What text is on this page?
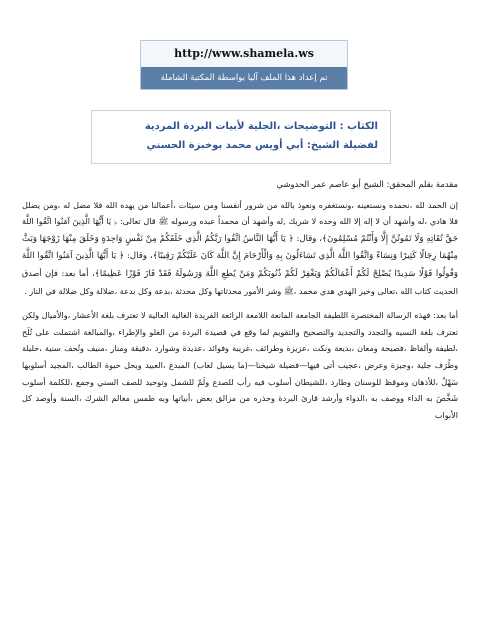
http://www.shamela.ws
تم إعداد هذا الملف آليا بواسطة المكتبة الشاملة
الكتاب : التوضيحات ،الجلية لأبيات البردة المردية
لفضيلة الشيخ: أبي أويس محمد بوخبزة الحسني

مقدمة بقلم المحقق: الشيخ أبو عاصم عمر الحدوشي

إن الحمد لله ،نحمده ونستعينه ،ونستغفره ونعوذ بالله من شرور أنفسنا ومن سيئات ،أعمالنا من يهده الله فلا مضل له ،ومن يضلل فلا هادي ،له وأشهد أن لا إله إلا الله وحده لا شريك ,له وأشهد أن محمداً عبده ورسوله ﷺ قال تعالى: ﴿ يَا أَيُّهَا الَّذِينَ آمَنُوا اتَّقُوا اللَّهَ حَقَّ تُقَاتِهِ وَلَا تَمُوتُنَّ إِلَّا وَأَنْتُمْ مُسْلِمُونَ﴾، وقال: ﴿ يَا أَيُّهَا النَّاسُ اتَّقُوا رَبَّكُمُ الَّذِي خَلَقَكُمْ مِنْ نَفْسٍ وَاحِدَةٍ وَخَلَقَ مِنْهَا زَوْجَهَا وَبَثَّ مِنْهُمَا رِجَالًا كَثِيرًا وَنِسَاءً وَاتَّقُوا اللَّهَ الَّذِي تَسَاءَلُونَ بِهِ وَالْأَرْحَامَ إِنَّ اللَّهَ كَانَ عَلَيْكُمْ رَقِيبًا﴾، وقال: ﴿ يَا أَيُّهَا الَّذِينَ آمَنُوا اتَّقُوا اللَّهَ وَقُولُوا قَوْلًا سَدِيدًا يُصْلِحْ لَكُمْ أَعْمَالَكُمْ وَيَغْفِرْ لَكُمْ ذُنُوبَكُمْ وَمَنْ يُطِعِ اللَّهَ وَرَسُولَهُ فَقَدْ فَازَ فَوْزًا عَظِيمًا﴾، أما بعد: فإن أصدق الحديث كتاب الله ،تعالى وخير الهدي هدي محمد ،ﷺ وشر الأمور محدثاتها وكل محدثة ،بدعة وكل بدعة ،ضلالة وكل ضلالة في النار .

أما بعد: فهذه الرسالة المختصرة اللطيفة الجامعة المانعة اللامعة الرائعة الفريدة الغالية العالية لا تعترف بلغة الأعشار ،والأميال ولكن تعترف بلغة النسيه والتجدد والتجديد والتصحيح والتقويم لما وقع في قصيدة البردة من الغلو والإطراء ،والمبالغة اشتملت على تُلَح ،لطيفة وألفاظ ،فصيحة ومعان ،بديعة ونكت ،عزيزة وطرائف ،غريبة وفوائد ،عديدة وشوارد ،دقيقة ومناز ،منيف وتُحف سنية ،حليلة وطُرَف جلية ،وجيزة وعرض ،عجيب أتى فيها—فضيلة شيخنا—(ما يسيل لعاب) المبدع ،العبيد ويحل حبوة الطالب ،المجيد أسلوبها سَهْلٌ ،للأذهان وموقظ للوسنان وطارد ،للشيطان أسلوب فيه رأب للصدع ولَمّ للشمل وتوحيد للصف السني وجمع ،للكلمة أسلوب شَخَّصَ به الداء ووصف به ،الدواء وأرشد قارئ البردة وحذره من مزالق بعض ،أبياتها وبه طمس معالم الشرك ،السنة وأوصد كل الأبواب
